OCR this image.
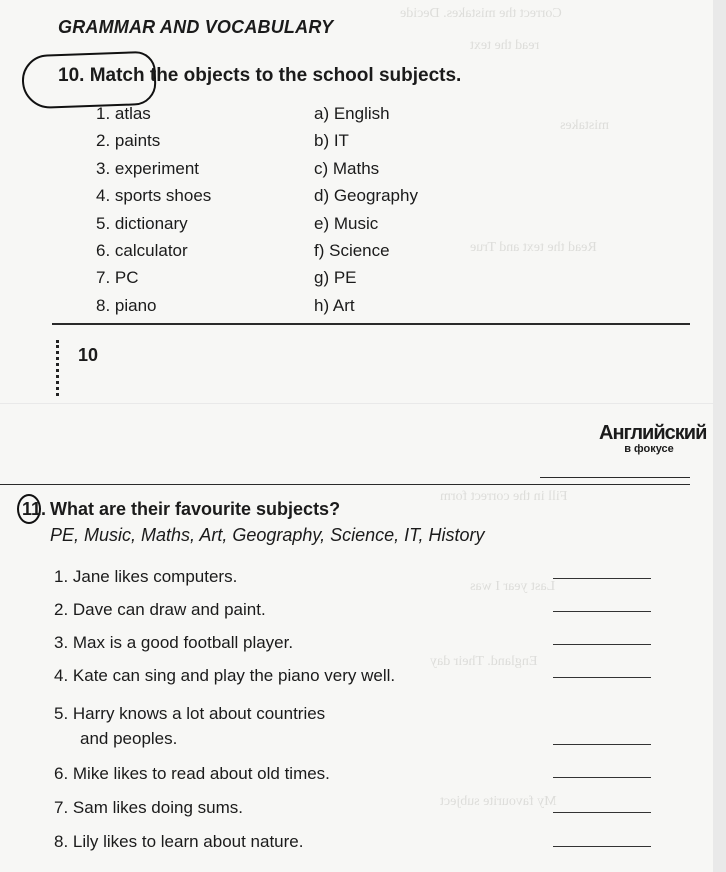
Correct the mistakes. Decide
read the text
mistakes
Read the text and True
GRAMMAR AND VOCABULARY
10. Match the objects to the school subjects.
1. atlas
2. paints
3. experiment
4. sports shoes
5. dictionary
6. calculator
7. PC
8. piano
a) English
b) IT
c) Maths
d) Geography
e) Music
f) Science
g) PE
h) Art
10
Fill in the correct form
Last year I was
England. Their day
My favourite subject
Английский
в фокусе
11. What are their favourite subjects?
PE, Music, Maths, Art, Geography, Science, IT, History
1. Jane likes computers.
2. Dave can draw and paint.
3. Max is a good football player.
4. Kate can sing and play the piano very well.
5. Harry knows a lot about countries
and peoples.
6. Mike likes to read about old times.
7. Sam likes doing sums.
8. Lily likes to learn about nature.
